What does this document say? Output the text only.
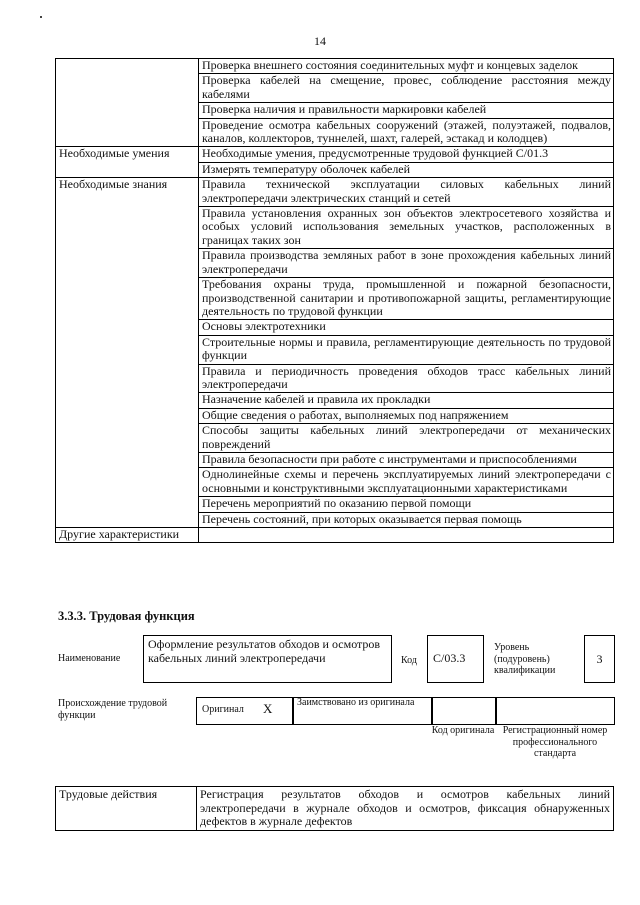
14
	Проверка внешнего состояния соединительных муфт и концевых заделок
	Проверка кабелей на смещение, провес, соблюдение расстояния между кабелями
	Проверка наличия и правильности маркировки кабелей
	Проведение осмотра кабельных сооружений (этажей, полуэтажей, подвалов, каналов, коллекторов, туннелей, шахт, галерей, эстакад и колодцев)
Необходимые умения	Необходимые умения, предусмотренные трудовой функцией С/01.3
	Измерять температуру оболочек кабелей
Необходимые знания	Правила технической эксплуатации силовых кабельных линий электропередачи электрических станций и сетей
	Правила установления охранных зон объектов электросетевого хозяйства и особых условий использования земельных участков, расположенных в границах таких зон
	Правила производства земляных работ в зоне прохождения кабельных линий электропередачи
	Требования охраны труда, промышленной и пожарной безопасности, производственной санитарии и противопожарной защиты, регламентирующие деятельность по трудовой функции
	Основы электротехники
	Строительные нормы и правила, регламентирующие деятельность по трудовой функции
	Правила и периодичность проведения обходов трасс кабельных линий электропередачи
	Назначение кабелей и правила их прокладки
	Общие сведения о работах, выполняемых под напряжением
	Способы защиты кабельных линий электропередачи от механических повреждений
	Правила безопасности при работе с инструментами и приспособлениями
	Однолинейные схемы и перечень эксплуатируемых линий электропередачи с основными и конструктивными эксплуатационными характеристиками
	Перечень мероприятий по оказанию первой помощи
	Перечень состояний, при которых оказывается первая помощь
Другие характеристики	
3.3.3. Трудовая функция
Наименование
Оформление результатов обходов и осмотров кабельных линий электропередачи	Код	С/03.3
Уровень (подуровень) квалификации
3
Происхождение трудовой функции	Оригинал X Заимствовано из оригинала
Код оригинала Регистрационный номер профессионального стандарта
Трудовые действия	Регистрация результатов обходов и осмотров кабельных линий электропередачи в журнале обходов и осмотров, фиксация обнаруженных дефектов в журнале дефектов
